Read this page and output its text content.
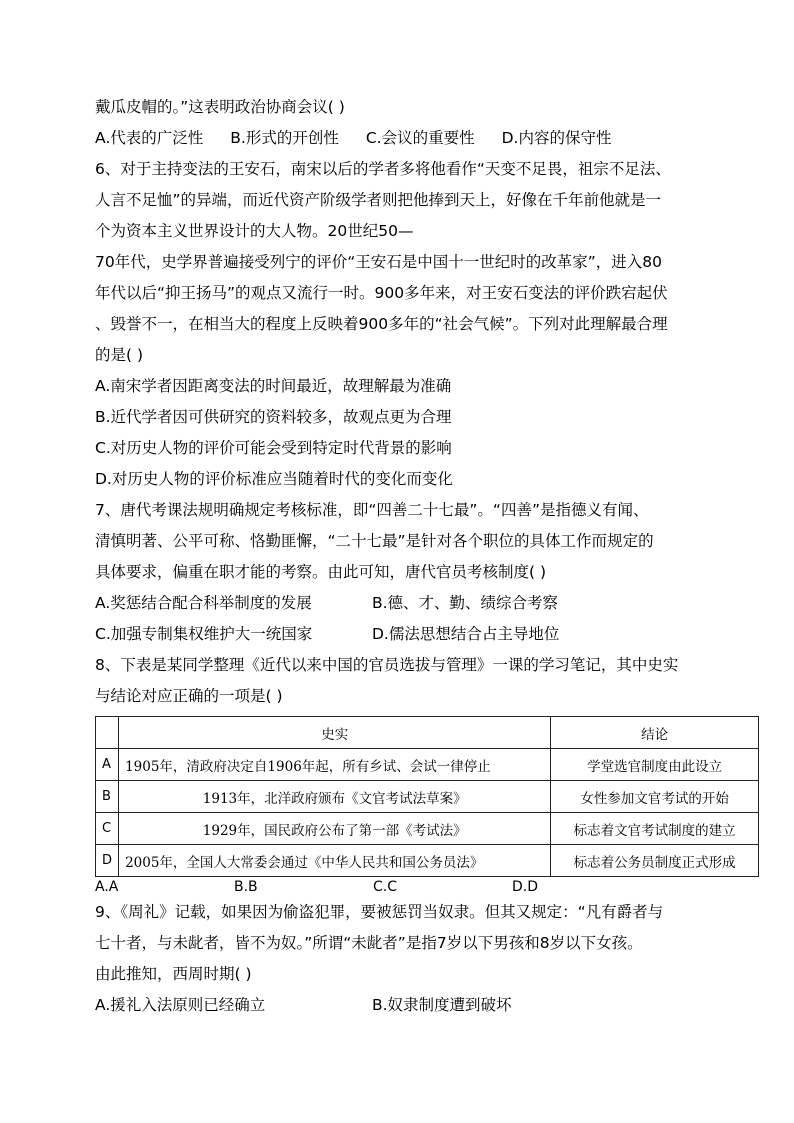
戴瓜皮帽的。”这表明政治协商会议( )
A.代表的广泛性 B.形式的开创性 C.会议的重要性 D.内容的保守性
6、对于主持变法的王安石，南宋以后的学者多将他看作“天变不足畏，祖宗不足法、
人言不足恤”的异端，而近代资产阶级学者则把他捧到天上，好像在千年前他就是一
个为资本主义世界设计的大人物。20世纪50—
70年代，史学界普遍接受列宁的评价“王安石是中国十一世纪时的改革家”，进入80
年代以后“抑王扬马”的观点又流行一时。900多年来，对王安石变法的评价跌宕起伏
、毁誉不一，在相当大的程度上反映着900多年的“社会气候”。下列对此理解最合理
的是( )
A.南宋学者因距离变法的时间最近，故理解最为准确
B.近代学者因可供研究的资料较多，故观点更为合理
C.对历史人物的评价可能会受到特定时代背景的影响
D.对历史人物的评价标准应当随着时代的变化而变化
7、唐代考课法规明确规定考核标准，即“四善二十七最”。“四善”是指德义有闻、
清慎明著、公平可称、恪勤匪懈，“二十七最”是针对各个职位的具体工作而规定的
具体要求，偏重在职才能的考察。由此可知，唐代官员考核制度( )
A.奖惩结合配合科举制度的发展	B.德、才、勤、绩综合考察
C.加强专制集权维护大一统国家	D.儒法思想结合占主导地位
8、下表是某同学整理《近代以来中国的官员选拔与管理》一课的学习笔记，其中史实
与结论对应正确的一项是( )
	史实	结论
A	1905年，清政府决定自1906年起，所有乡试、会试一律停止	学堂选官制度由此设立
B	1913年，北洋政府颁布《文官考试法草案》	女性参加文官考试的开始
C	1929年，国民政府公布了第一部《考试法》	标志着文官考试制度的建立
D	2005年，全国人大常委会通过《中华人民共和国公务员法》	标志着公务员制度正式形成
A.A	B.B	C.C	D.D
9、《周礼》记载，如果因为偷盗犯罪，要被惩罚当奴隶。但其又规定：“凡有爵者与
七十者，与未龀者，皆不为奴。”所谓“未龀者”是指7岁以下男孩和8岁以下女孩。
由此推知，西周时期( )
A.援礼入法原则已经确立	B.奴隶制度遭到破坏
